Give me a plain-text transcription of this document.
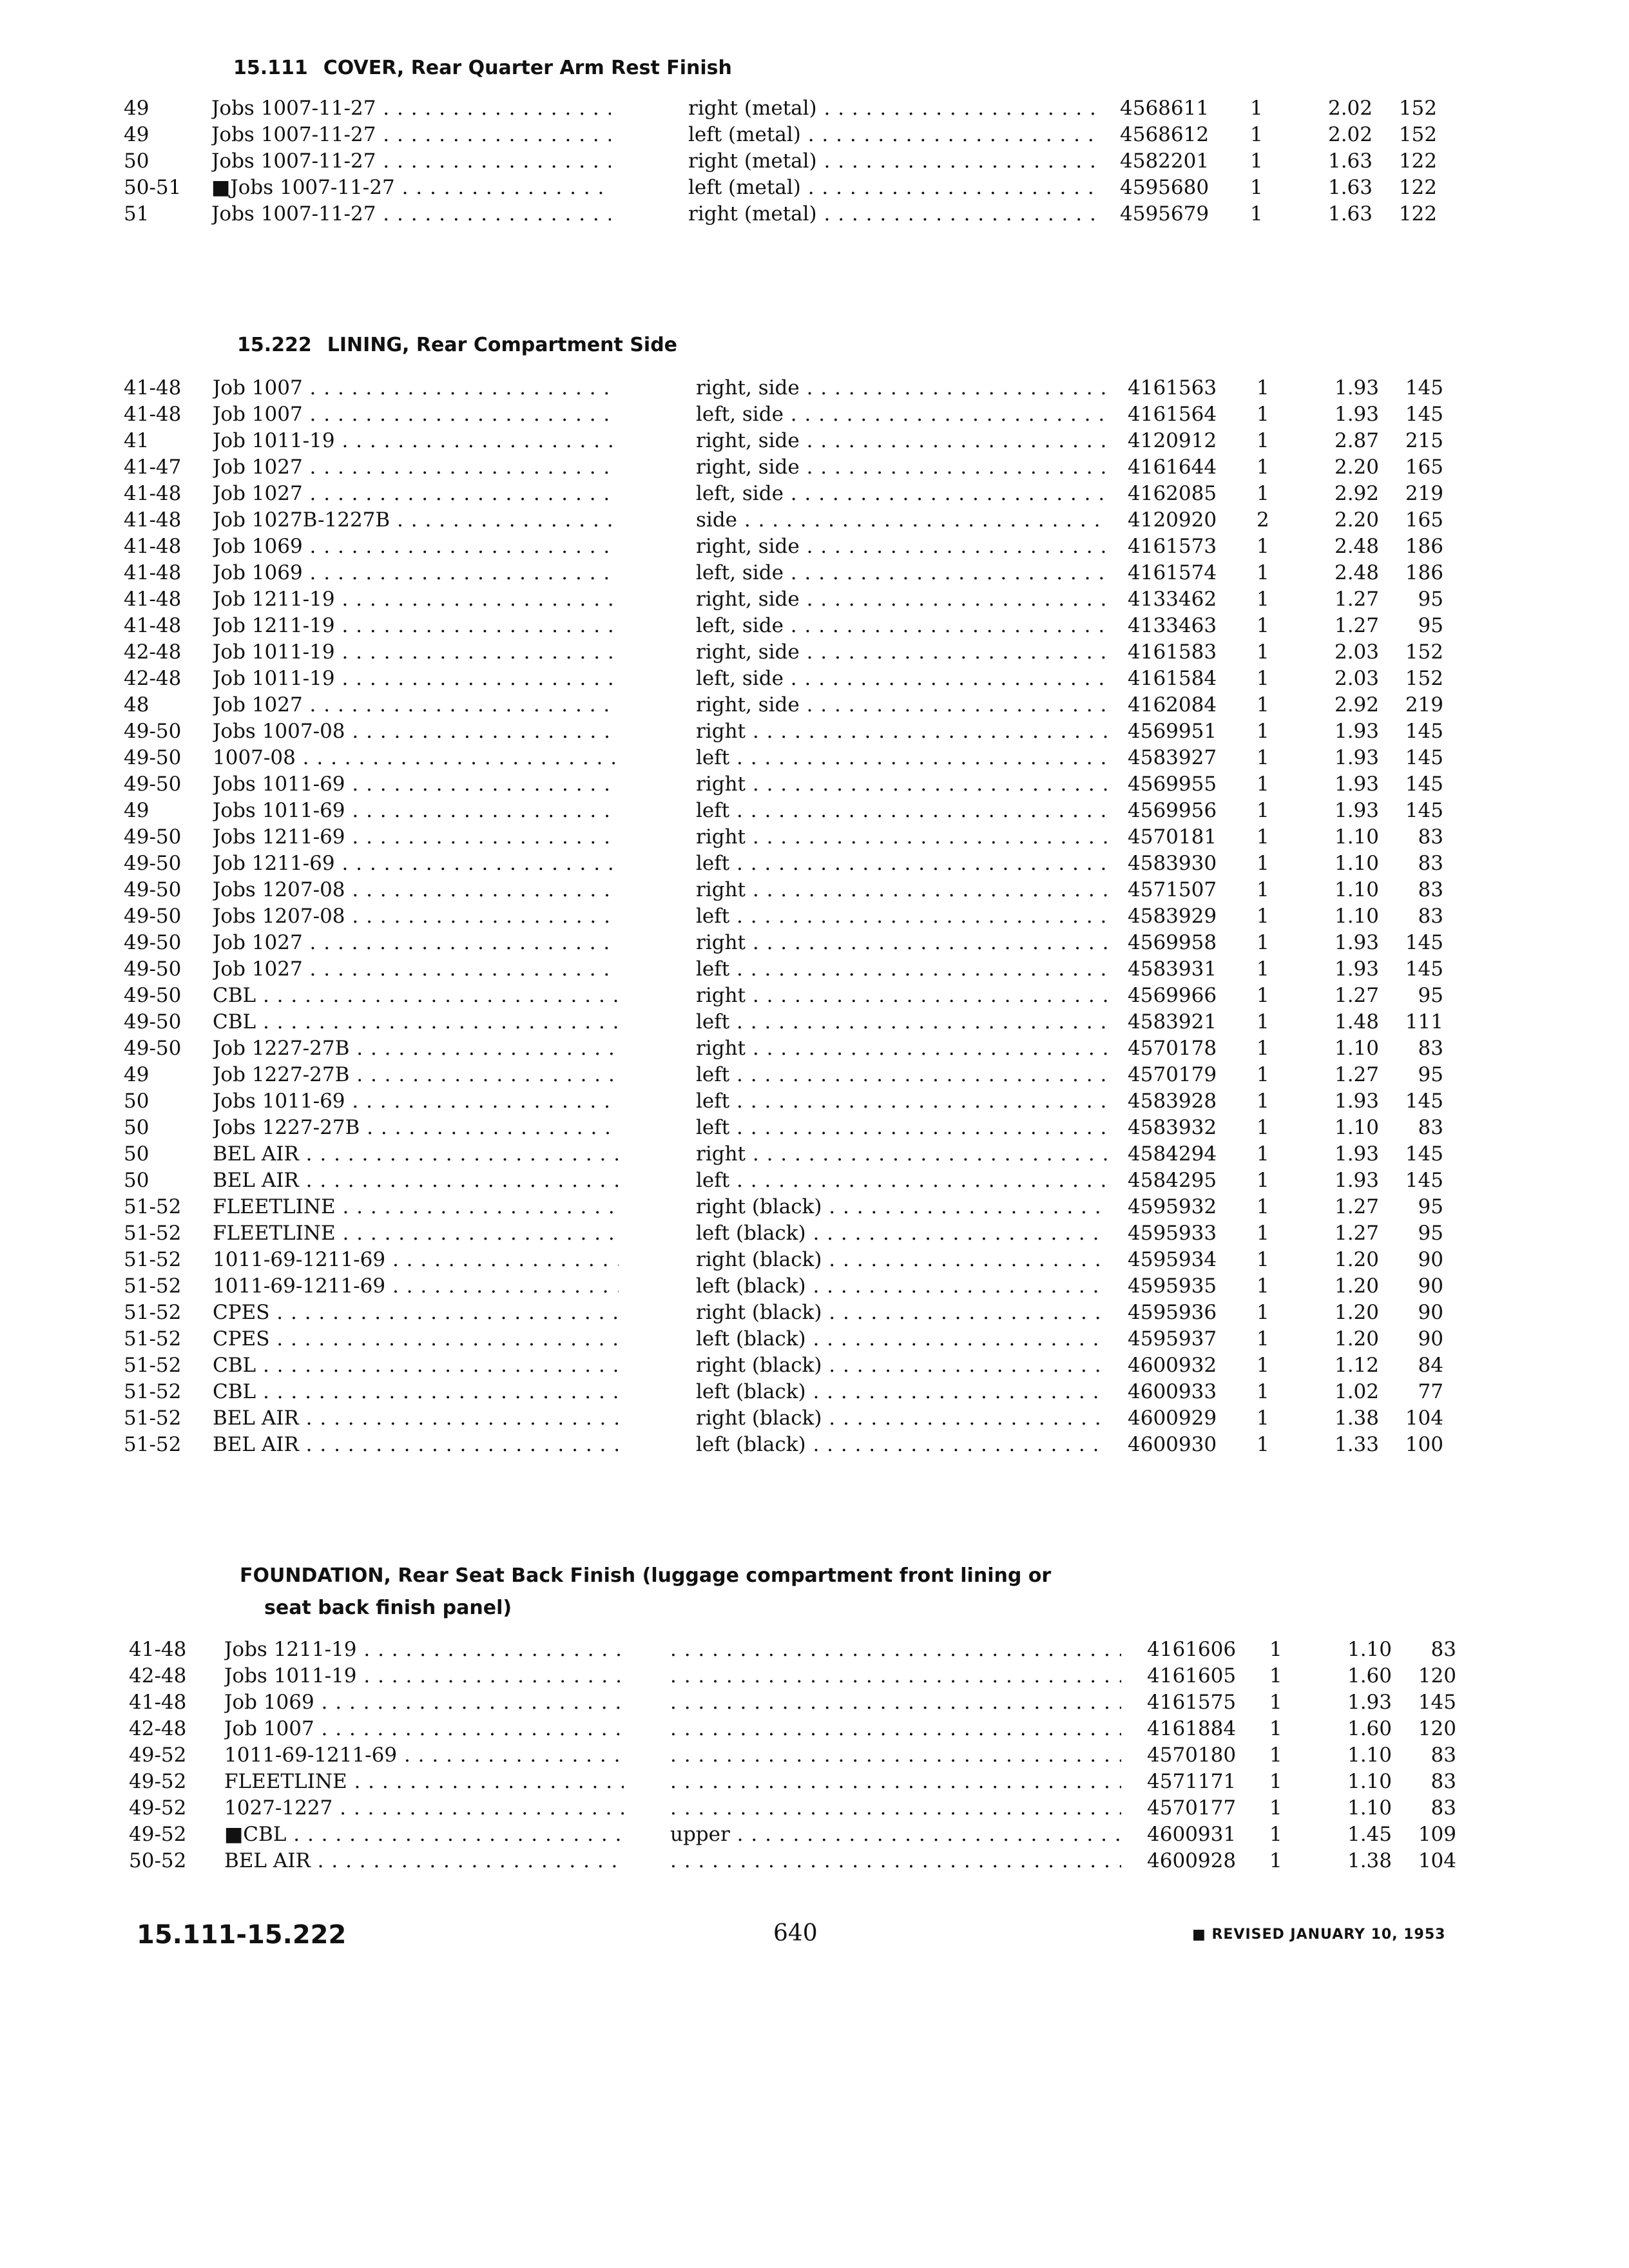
15.111 COVER, Rear Quarter Arm Rest Finish
49	Jobs 1007-11-27 . . .	right (metal) . . .	4568611 1	2.02	152
49	Jobs 1007-11-27 . . .	left (metal) . . .	4568612 1	2.02	152
50	Jobs 1007-11-27 . . .	right (metal) . . .	4582201 1	1.63	122
50-51 ■Jobs 1007-11-27 . . .	left (metal) . . .	4595680 1	1.63	122
51	Jobs 1007-11-27 . . .	right (metal) . . .	4595679 1	1.63	122
15.222 LINING, Rear Compartment Side
41-48 Job 1007 . . .	right, side . . .	4161563 1	1.93	145
41-48 Job 1007 . . .	left, side . . .	4161564 1	1.93	145
41	Job 1011-19 . . .	right, side . . .	4120912 1	2.87	215
41-47 Job 1027 . . .	right, side . . .	4161644 1	2.20	165
41-48 Job 1027 . . .	left, side . . .	4162085 1	2.92	219
41-48 Job 1027B-1227B . . .	side . . .	4120920 2	2.20	165
41-48 Job 1069 . . .	right, side . . .	4161573 1	2.48	186
41-48 Job 1069 . . .	left, side . . .	4161574 1	2.48	186
41-48 Job 1211-19 . . .	right, side . . .	4133462 1	1.27	95
41-48 Job 1211-19 . . .	left, side . . .	4133463 1	1.27	95
42-48 Job 1011-19 . . .	right, side . . .	4161583 1	2.03	152
42-48 Job 1011-19 . . .	left, side . . .	4161584 1	2.03	152
48	Job 1027 . . .	right, side . . .	4162084 1	2.92	219
49-50 Jobs 1007-08 . . .	right . . .	4569951 1	1.93	145
49-50 1007-08 . . .	left . . .	4583927 1	1.93	145
49-50 Jobs 1011-69 . . .	right . . .	4569955 1	1.93	145
49	Jobs 1011-69 . . .	left . . .	4569956 1	1.93	145
49-50 Jobs 1211-69 . . .	right . . .	4570181 1	1.10	83
49-50 Job 1211-69 . . .	left . . .	4583930 1	1.10	83
49-50 Jobs 1207-08 . . .	right . . .	4571507 1	1.10	83
49-50 Jobs 1207-08 . . .	left . . .	4583929 1	1.10	83
49-50 Job 1027 . . .	right . . .	4569958 1	1.93	145
49-50 Job 1027 . . .	left . . .	4583931 1	1.93	145
49-50 CBL . . .	right . . .	4569966 1	1.27	95
49-50 CBL . . .	left . . .	4583921 1	1.48	111
49-50 Job 1227-27B . . .	right . . .	4570178 1	1.10	83
49	Job 1227-27B . . .	left . . .	4570179 1	1.27	95
50	Jobs 1011-69 . . .	left . . .	4583928 1	1.93	145
50	Jobs 1227-27B . . .	left . . .	4583932 1	1.10	83
50	BEL AIR . . .	right . . .	4584294 1	1.93	145
50	BEL AIR . . .	left . . .	4584295 1	1.93	145
51-52 FLEETLINE . . .	right (black) . . .	4595932 1	1.27	95
51-52 FLEETLINE . . .	left (black) . . .	4595933 1	1.27	95
51-52 1011-69-1211-69 . . .	right (black) . . .	4595934 1	1.20	90
51-52 1011-69-1211-69 . . .	left (black) . . .	4595935 1	1.20	90
51-52 CPES . . .	right (black) . . .	4595936 1	1.20	90
51-52 CPES . . .	left (black) . . .	4595937 1	1.20	90
51-52 CBL . . .	right (black) . . .	4600932 1	1.12	84
51-52 CBL . . .	left (black) . . .	4600933 1	1.02	77
51-52 BEL AIR . . .	right (black) . . .	4600929 1	1.38	104
51-52 BEL AIR . . .	left (black) . . .	4600930 1	1.33	100
FOUNDATION, Rear Seat Back Finish (luggage compartment front lining or
seat back finish panel)
41-48 Jobs 1211-19 . . . . . .	4161606 1	1.10	83
42-48 Jobs 1011-19 . . . . . .	4161605 1	1.60	120
41-48 Job 1069 . . . . . .	4161575 1	1.93	145
42-48 Job 1007 . . . . . .	4161884 1	1.60	120
49-52 1011-69-1211-69 . . . . . .	4570180 1	1.10	83
49-52 FLEETLINE . . . . . .	4571171 1	1.10	83
49-52 1027-1227 . . . . . .	4570177 1	1.10	83
49-52 ■CBL . . .	upper . . .	4600931 1	1.45	109
50-52 BEL AIR . . . . . .	4600928 1	1.38	104
15.111-15.222	640	■ REVISED JANUARY 10, 1953
